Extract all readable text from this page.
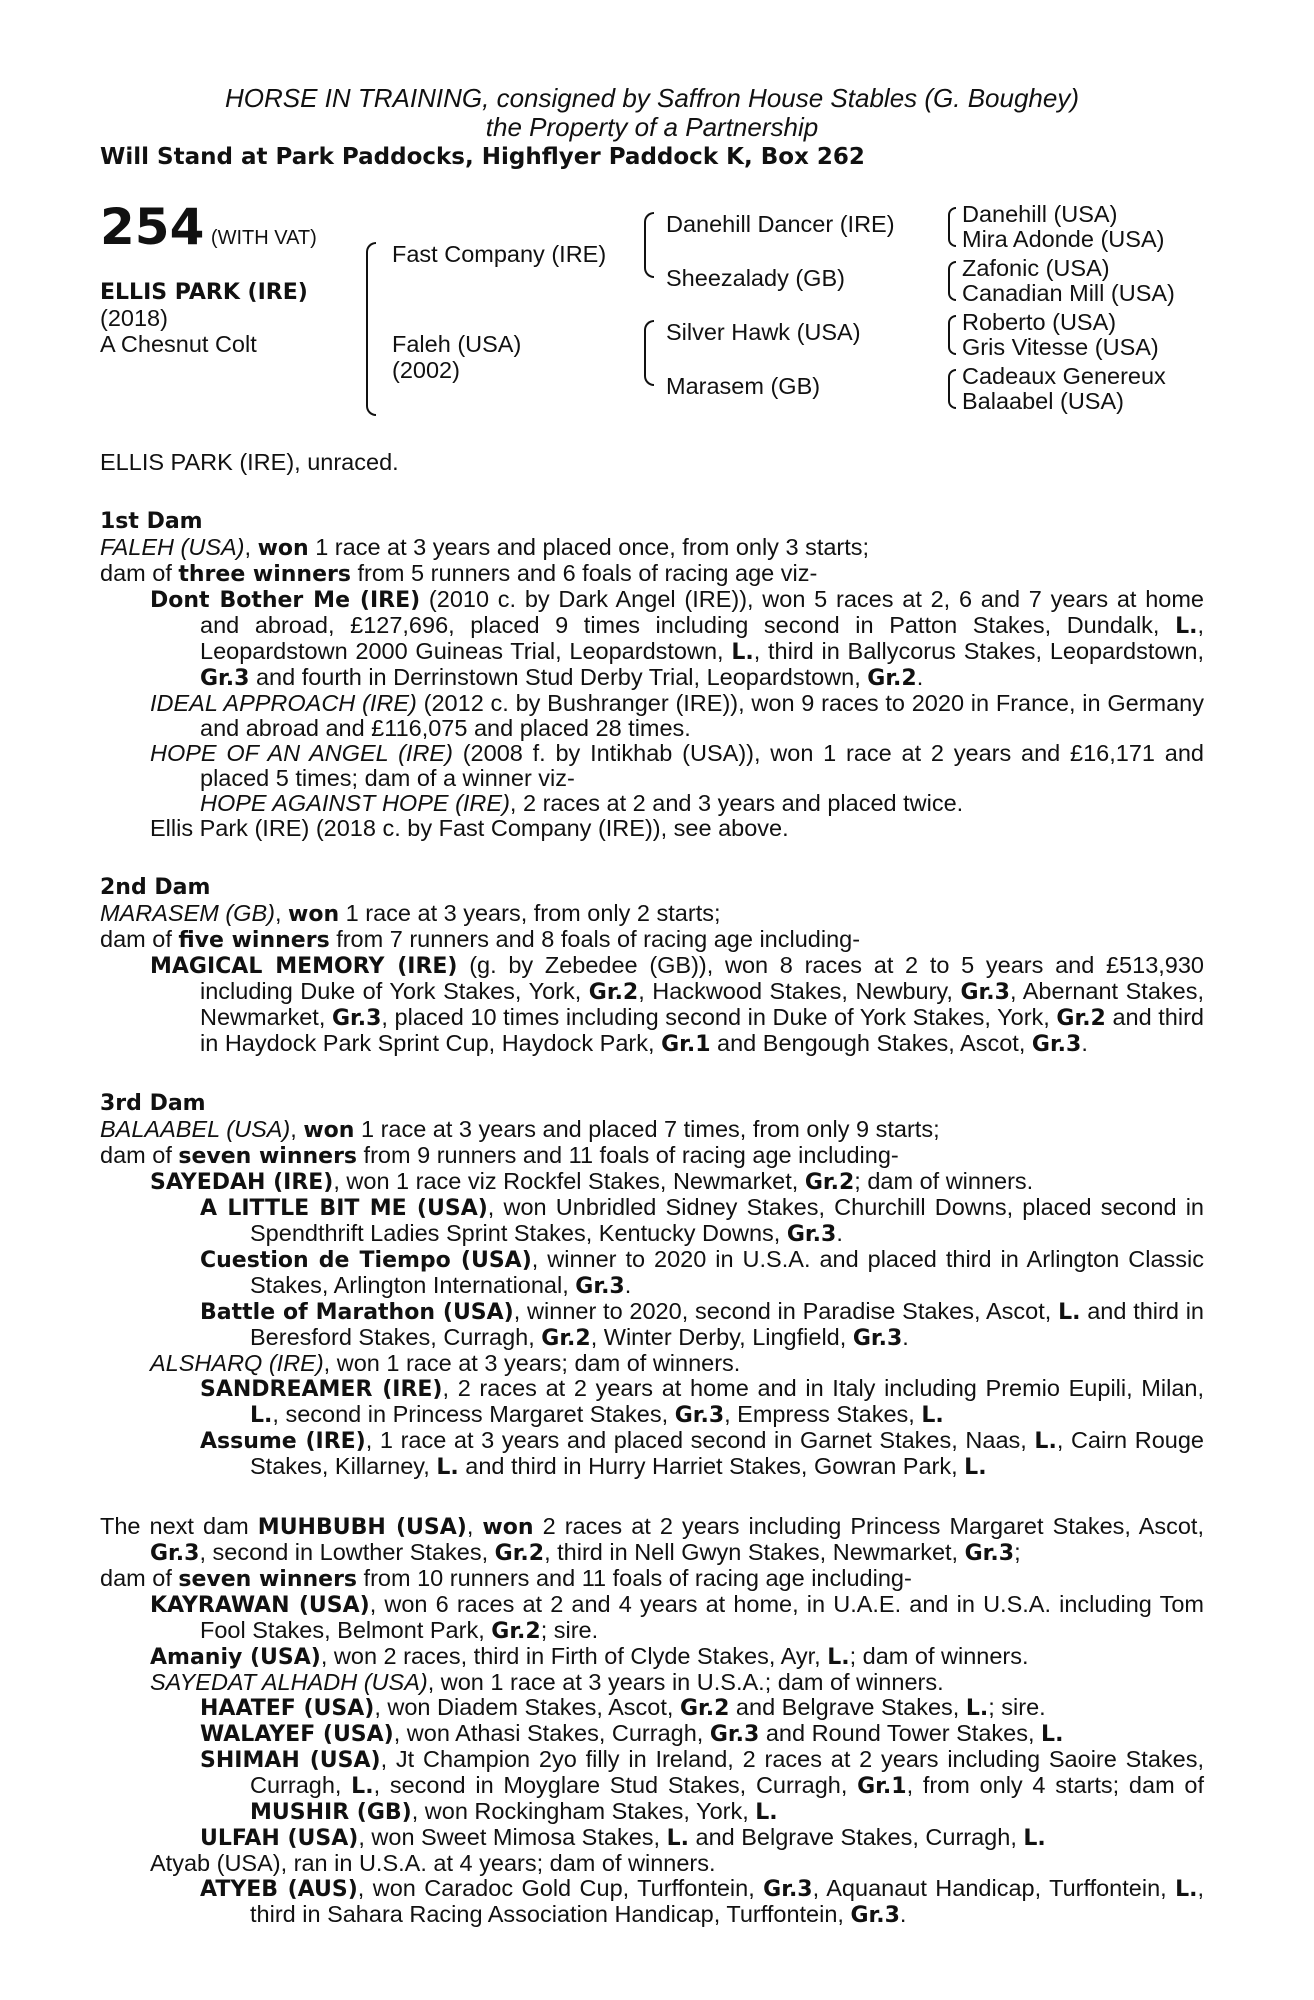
HORSE IN TRAINING, consigned by Saffron House Stables (G. Boughey)
the Property of a Partnership
Will Stand at Park Paddocks, Highflyer Paddock K, Box 262
254 (WITH VAT)
ELLIS PARK (IRE)
(2018)
A Chesnut Colt
Fast Company (IRE)
Faleh (USA)
(2002)
Danehill Dancer (IRE)
Sheezalady (GB)
Silver Hawk (USA)
Marasem (GB)
Danehill (USA)
Mira Adonde (USA)
Zafonic (USA)
Canadian Mill (USA)
Roberto (USA)
Gris Vitesse (USA)
Cadeaux Genereux
Balaabel (USA)

ELLIS PARK (IRE), unraced.

1st Dam

FALEH (USA), won 1 race at 3 years and placed once, from only 3 starts;

dam of three winners from 5 runners and 6 foals of racing age viz-

Dont Bother Me (IRE) (2010 c. by Dark Angel (IRE)), won 5 races at 2, 6 and 7 years at home and abroad, £127,696, placed 9 times including second in Patton Stakes, Dundalk, L., Leopardstown 2000 Guineas Trial, Leopardstown, L., third in Ballycorus Stakes, Leopardstown, Gr.3 and fourth in Derrinstown Stud Derby Trial, Leopardstown, Gr.2.

IDEAL APPROACH (IRE) (2012 c. by Bushranger (IRE)), won 9 races to 2020 in France, in Germany and abroad and £116,075 and placed 28 times.

HOPE OF AN ANGEL (IRE) (2008 f. by Intikhab (USA)), won 1 race at 2 years and £16,171 and placed 5 times; dam of a winner viz-

HOPE AGAINST HOPE (IRE), 2 races at 2 and 3 years and placed twice.

Ellis Park (IRE) (2018 c. by Fast Company (IRE)), see above.

2nd Dam

MARASEM (GB), won 1 race at 3 years, from only 2 starts;

dam of five winners from 7 runners and 8 foals of racing age including-

MAGICAL MEMORY (IRE) (g. by Zebedee (GB)), won 8 races at 2 to 5 years and £513,930 including Duke of York Stakes, York, Gr.2, Hackwood Stakes, Newbury, Gr.3, Abernant Stakes, Newmarket, Gr.3, placed 10 times including second in Duke of York Stakes, York, Gr.2 and third in Haydock Park Sprint Cup, Haydock Park, Gr.1 and Bengough Stakes, Ascot, Gr.3.

3rd Dam

BALAABEL (USA), won 1 race at 3 years and placed 7 times, from only 9 starts;

dam of seven winners from 9 runners and 11 foals of racing age including-

SAYEDAH (IRE), won 1 race viz Rockfel Stakes, Newmarket, Gr.2; dam of winners.

A LITTLE BIT ME (USA), won Unbridled Sidney Stakes, Churchill Downs, placed second in Spendthrift Ladies Sprint Stakes, Kentucky Downs, Gr.3.

Cuestion de Tiempo (USA), winner to 2020 in U.S.A. and placed third in Arlington Classic Stakes, Arlington International, Gr.3.

Battle of Marathon (USA), winner to 2020, second in Paradise Stakes, Ascot, L. and third in Beresford Stakes, Curragh, Gr.2, Winter Derby, Lingfield, Gr.3.

ALSHARQ (IRE), won 1 race at 3 years; dam of winners.

SANDREAMER (IRE), 2 races at 2 years at home and in Italy including Premio Eupili, Milan, L., second in Princess Margaret Stakes, Gr.3, Empress Stakes, L.

Assume (IRE), 1 race at 3 years and placed second in Garnet Stakes, Naas, L., Cairn Rouge Stakes, Killarney, L. and third in Hurry Harriet Stakes, Gowran Park, L.

The next dam MUHBUBH (USA), won 2 races at 2 years including Princess Margaret Stakes, Ascot, Gr.3, second in Lowther Stakes, Gr.2, third in Nell Gwyn Stakes, Newmarket, Gr.3;

dam of seven winners from 10 runners and 11 foals of racing age including-

KAYRAWAN (USA), won 6 races at 2 and 4 years at home, in U.A.E. and in U.S.A. including Tom Fool Stakes, Belmont Park, Gr.2; sire.

Amaniy (USA), won 2 races, third in Firth of Clyde Stakes, Ayr, L.; dam of winners.

SAYEDAT ALHADH (USA), won 1 race at 3 years in U.S.A.; dam of winners.

HAATEF (USA), won Diadem Stakes, Ascot, Gr.2 and Belgrave Stakes, L.; sire.

WALAYEF (USA), won Athasi Stakes, Curragh, Gr.3 and Round Tower Stakes, L.

SHIMAH (USA), Jt Champion 2yo filly in Ireland, 2 races at 2 years including Saoire Stakes, Curragh, L., second in Moyglare Stud Stakes, Curragh, Gr.1, from only 4 starts; dam of MUSHIR (GB), won Rockingham Stakes, York, L.

ULFAH (USA), won Sweet Mimosa Stakes, L. and Belgrave Stakes, Curragh, L.

Atyab (USA), ran in U.S.A. at 4 years; dam of winners.

ATYEB (AUS), won Caradoc Gold Cup, Turffontein, Gr.3, Aquanaut Handicap, Turffontein, L., third in Sahara Racing Association Handicap, Turffontein, Gr.3.
